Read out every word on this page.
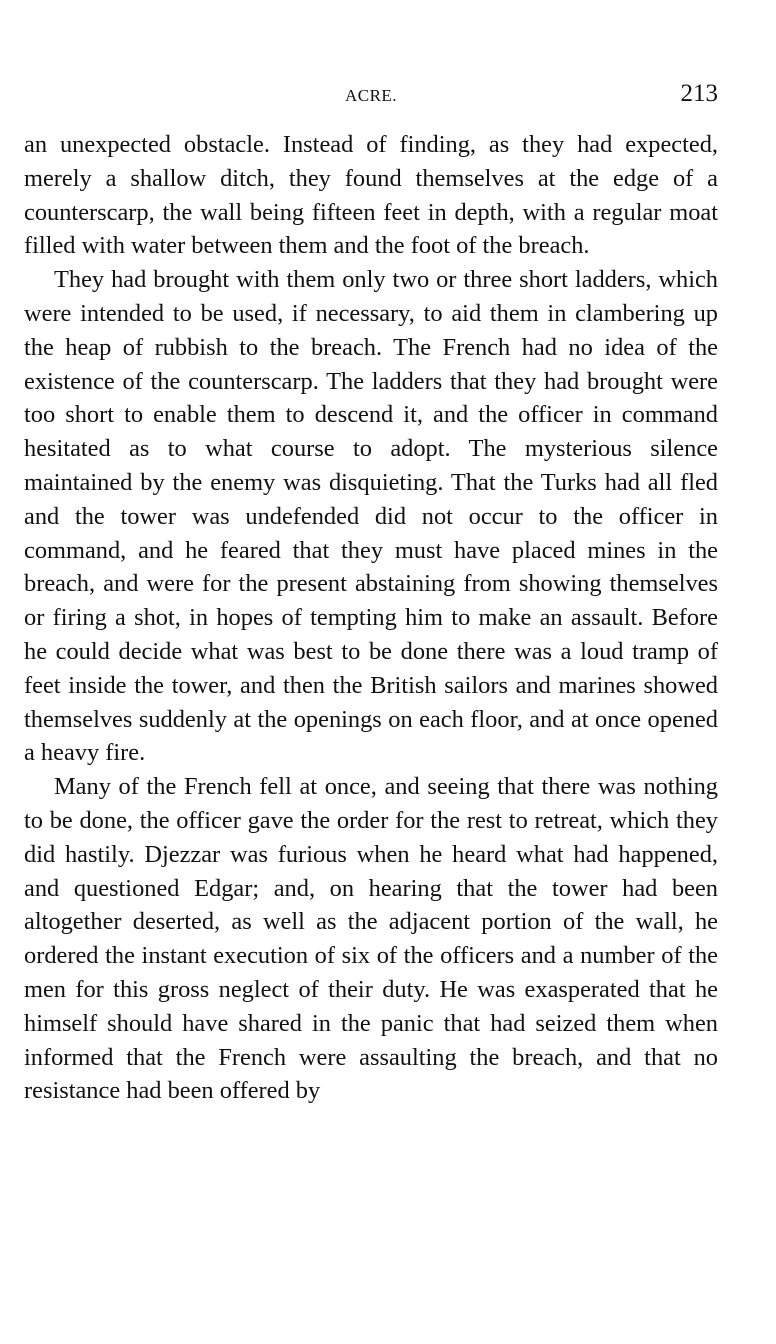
ACRE.	213

an unexpected obstacle. Instead of finding, as they had expected, merely a shallow ditch, they found themselves at the edge of a counterscarp, the wall being fifteen feet in depth, with a regular moat filled with water between them and the foot of the breach.

They had brought with them only two or three short ladders, which were intended to be used, if necessary, to aid them in clambering up the heap of rubbish to the breach. The French had no idea of the existence of the counterscarp. The ladders that they had brought were too short to enable them to descend it, and the officer in command hesitated as to what course to adopt. The mysterious silence maintained by the enemy was disquieting. That the Turks had all fled and the tower was undefended did not occur to the officer in command, and he feared that they must have placed mines in the breach, and were for the present abstaining from showing themselves or firing a shot, in hopes of tempting him to make an assault. Before he could decide what was best to be done there was a loud tramp of feet inside the tower, and then the British sailors and marines showed themselves suddenly at the openings on each floor, and at once opened a heavy fire.

Many of the French fell at once, and seeing that there was nothing to be done, the officer gave the order for the rest to retreat, which they did hastily. Djezzar was furious when he heard what had happened, and questioned Edgar; and, on hearing that the tower had been altogether deserted, as well as the adjacent portion of the wall, he ordered the instant execution of six of the officers and a number of the men for this gross neglect of their duty. He was exasperated that he himself should have shared in the panic that had seized them when informed that the French were assaulting the breach, and that no resistance had been offered by
